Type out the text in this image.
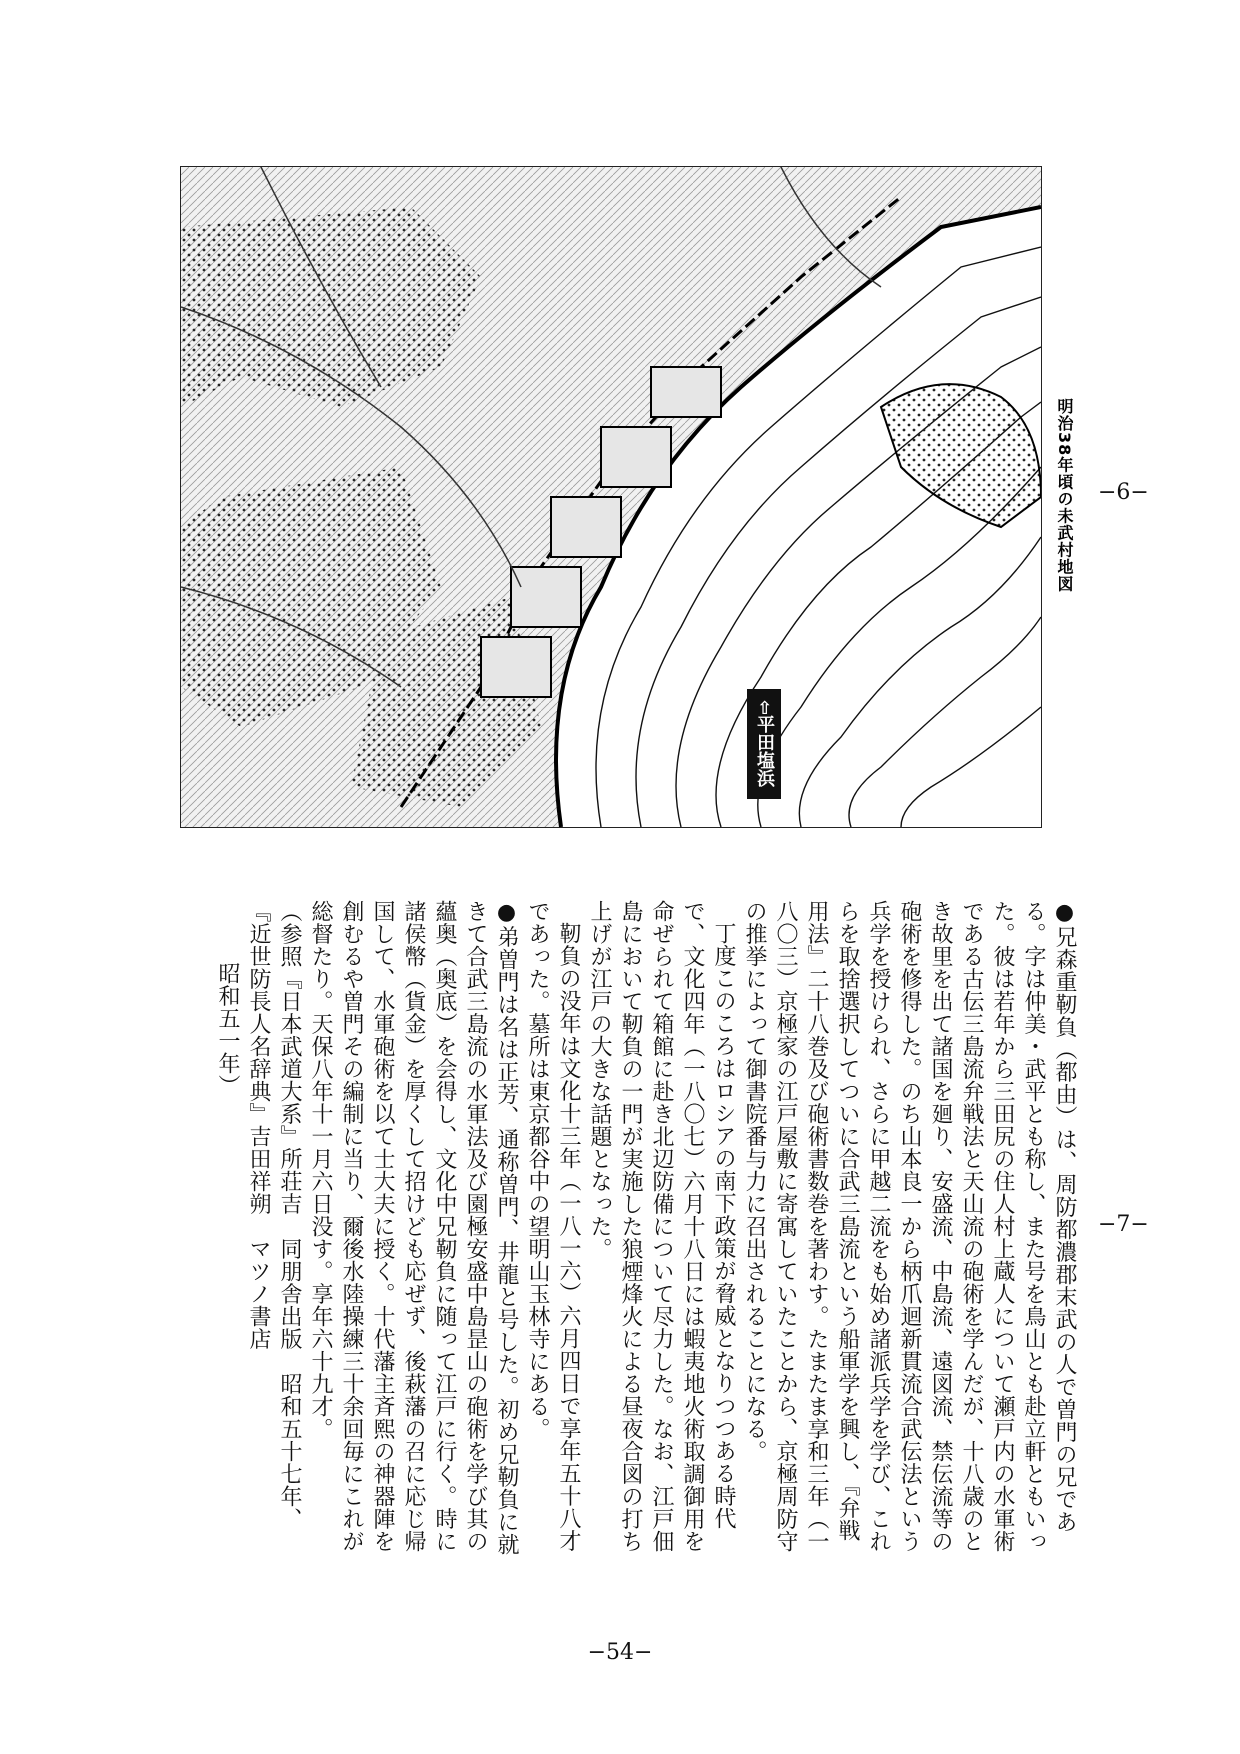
⇦平田塩浜
明治38年頃の未武村地図 −6−
−7−

● 兄森重靭負（都由）は、周防都濃郡末武の人で曽門の兄である。字は仲美・武平とも称し、また号を鳥山とも赴立軒ともいった。彼は若年から三田尻の住人村上蔵人について瀬戸内の水軍術である古伝三島流弁戦法と天山流の砲術を学んだが、十八歳のとき故里を出て諸国を廻り、安盛流、中島流、遠図流、禁伝流等の砲術を修得した。のち山本良一から柄爪迴新貫流合武伝法という兵学を授けられ、さらに甲越二流をも始め諸派兵学を学び、これらを取捨選択してついに合武三島流という船軍学を興し、『弁戦用法』二十八巻及び砲術書数巻を著わす。たまたま享和三年（一八〇三）京極家の江戸屋敷に寄寓していたことから、京極周防守の推挙によって御書院番与力に召出されることになる。

丁度このころはロシアの南下政策が脅威となりつつある時代で、文化四年（一八〇七）六月十八日には蝦夷地火術取調御用を命ぜられて箱館に赴き北辺防備について尽力した。なお、江戸佃島において靭負の一門が実施した狼煙烽火による昼夜合図の打ち上げが江戸の大きな話題となった。

靭負の没年は文化十三年（一八一六）六月四日で享年五十八才であった。墓所は東京都谷中の望明山玉林寺にある。

● 弟曽門は名は正芳、通称曽門、井龍と号した。初め兄靭負に就きて合武三島流の水軍法及び園極安盛中島昰山の砲術を学び其の蘊奥（奥底）を会得し、文化中兄靭負に随って江戸に行く。時に諸侯幣（貨金）を厚くして招けども応ぜず、後萩藩の召に応じ帰国して、水軍砲術を以て士大夫に授く。十代藩主斉熙の神器陣を創むるや曽門その編制に当り、爾後水陸操練三十余回毎にこれが総督たり。天保八年十一月六日没す。享年六十九才。

（参照『日本武道大系』所荘吉　同朋舎出版　昭和五十七年、『近世防長人名辞典』吉田祥朔　マツノ書店

昭和五一年）

−54−
